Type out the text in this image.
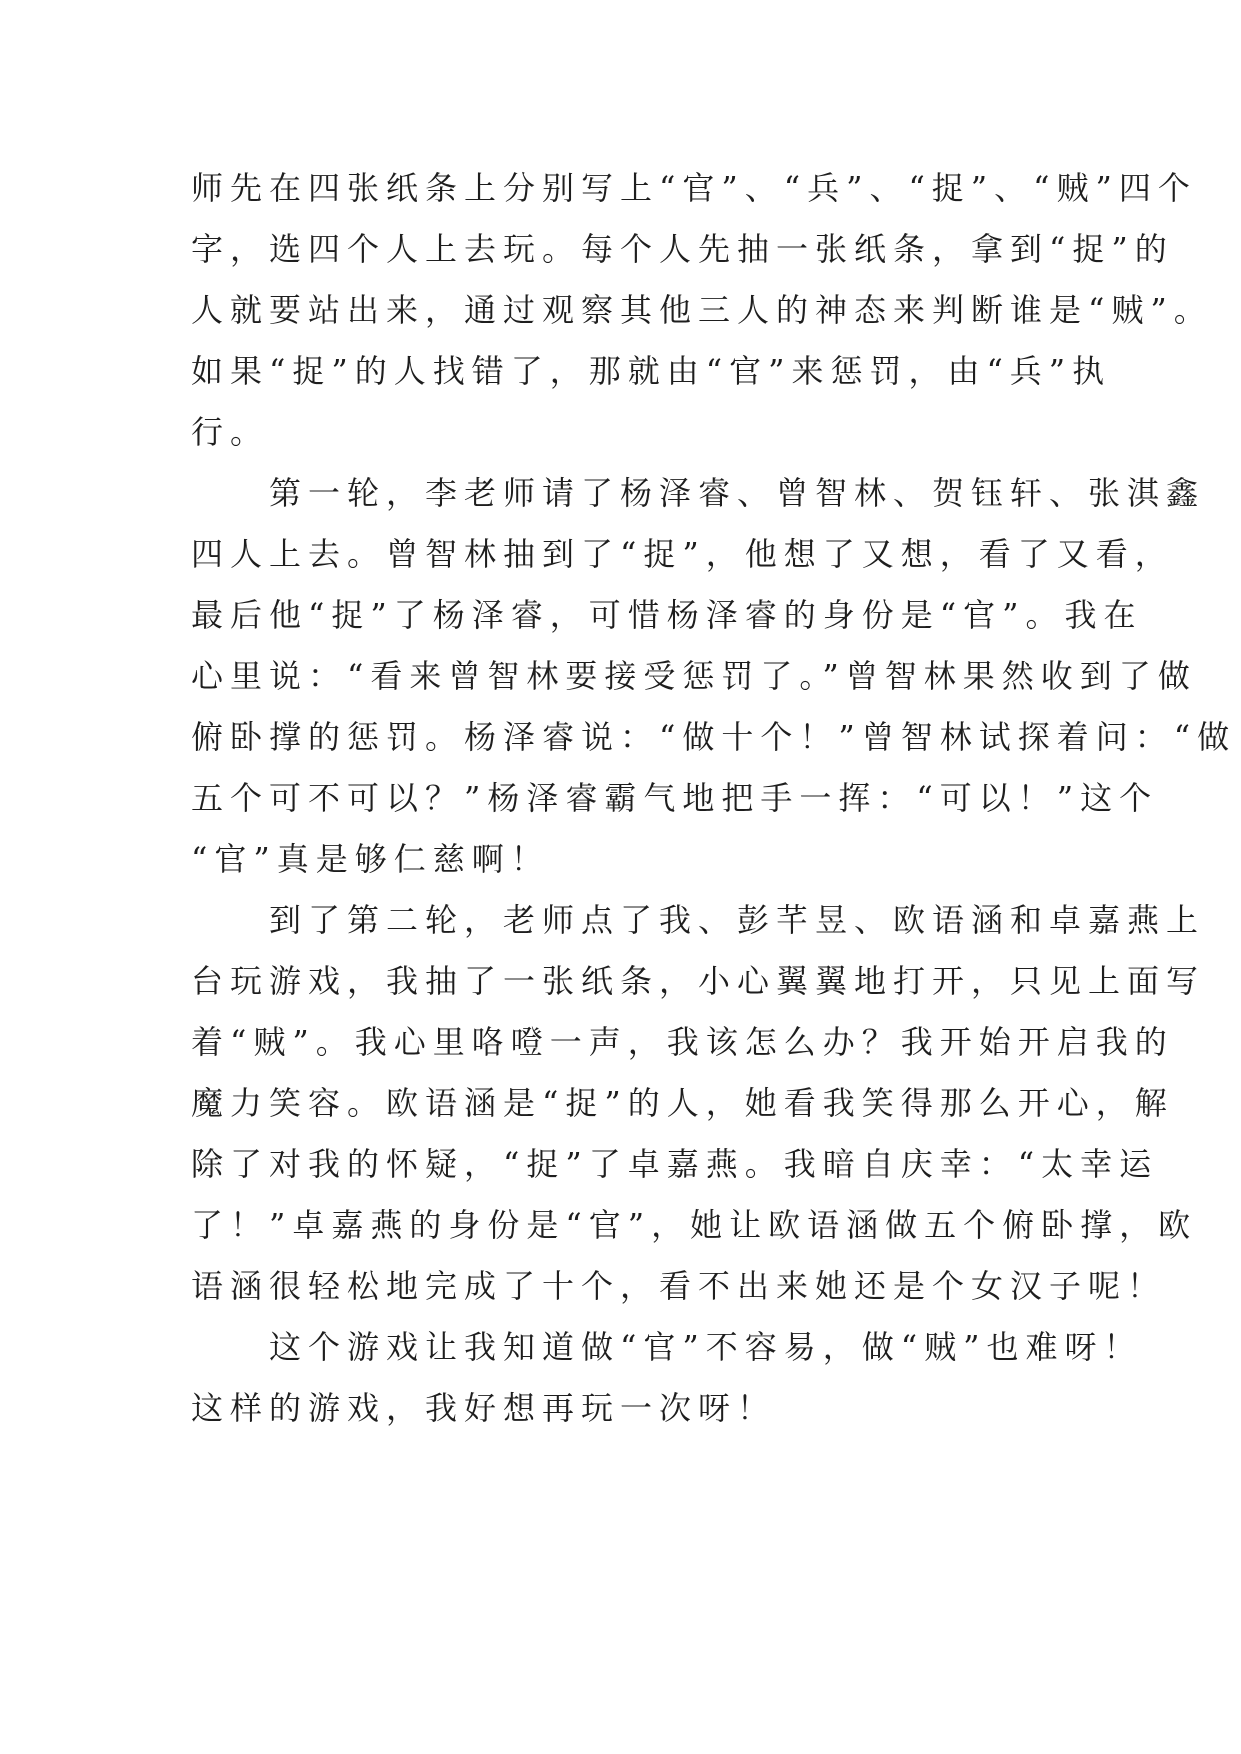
师先在四张纸条上分别写上“官”、“兵”、“捉”、“贼”四个

字，选四个人上去玩。每个人先抽一张纸条，拿到“捉”的

人就要站出来，通过观察其他三人的神态来判断谁是“贼”。

如果“捉”的人找错了，那就由“官”来惩罚，由“兵”执

行。

　　第一轮，李老师请了杨泽睿、曾智林、贺钰轩、张淇鑫

四人上去。曾智林抽到了“捉”，他想了又想，看了又看，

最后他“捉”了杨泽睿，可惜杨泽睿的身份是“官”。我在

心里说：“看来曾智林要接受惩罚了。”曾智林果然收到了做

俯卧撑的惩罚。杨泽睿说：“做十个！”曾智林试探着问：“做

五个可不可以？”杨泽睿霸气地把手一挥：“可以！”这个

“官”真是够仁慈啊！

　　到了第二轮，老师点了我、彭芊昱、欧语涵和卓嘉燕上

台玩游戏，我抽了一张纸条，小心翼翼地打开，只见上面写

着“贼”。我心里咯噔一声，我该怎么办？我开始开启我的

魔力笑容。欧语涵是“捉”的人，她看我笑得那么开心，解

除了对我的怀疑，“捉”了卓嘉燕。我暗自庆幸：“太幸运

了！”卓嘉燕的身份是“官”，她让欧语涵做五个俯卧撑，欧

语涵很轻松地完成了十个，看不出来她还是个女汉子呢！

　　这个游戏让我知道做“官”不容易，做“贼”也难呀！

这样的游戏，我好想再玩一次呀！
